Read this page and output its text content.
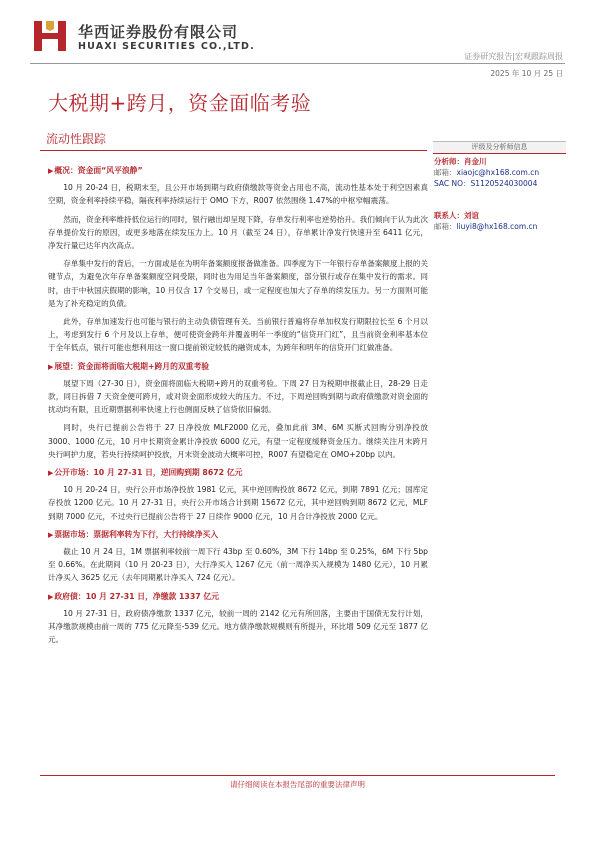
华西证券股份有限公司
HUAXI SECURITIES CO.,LTD.
证券研究报告|宏观跟踪周报
2025 年 10 月 25 日
大税期+跨月，资金面临考验
流动性跟踪
评级及分析师信息
分析师：肖金川
邮箱：xiaojc@hx168.com.cn
SAC NO：S1120524030004
联系人：刘谊
邮箱：liuyi8@hx168.com.cn
▶概况：资金面“风平浪静”

10 月 20-24 日，税期末至，且公开市场到期与政府债缴款等资金占用也不高，流动性基本处于利空因素真空期，资金利率持续平稳，隔夜利率持续运行于 OMO 下方，R007 依然围绕 1.47%的中枢窄幅震荡。

然而，资金利率维持低位运行的同时，银行融出却呈现下降，存单发行利率也逆势抬升。我们倾向于认为此次存单提价发行的原因，或更多地落在续发压力上。10 月（截至 24 日），存单累计净发行快速升至 6411 亿元，净发行量已达年内次高点。

存单集中发行的背后，一方面或是在为明年备案额度报备做准备。四季度为下一年银行存单备案额度上报的关键节点，为避免次年存单备案额度空间受限，同时也为用足当年备案额度，部分银行或存在集中发行的需求。同时，由于中秋国庆假期的影响，10 月仅含 17 个交易日，或一定程度也加大了存单的续发压力。另一方面则可能是为了补充稳定的负债。

此外，存单加速发行也可能与银行的主动负债管理有关。当前银行普遍将存单加权发行期限拉长至 6 个月以上，考虑到发行 6 个月及以上存单，便可使资金跨年并覆盖明年一季度的“信贷开门红”，且当前资金利率基本位于全年低点，银行可能也想利用这一窗口提前锁定较低的融资成本，为跨年和明年的信贷开门红做准备。

▶展望：资金面将面临大税期+跨月的双重考验

展望下周（27-30 日），资金面将面临大税期+跨月的双重考验。下周 27 日为税期申报截止日，28-29 日走款，同日拆借 7 天资金便可跨月，或对资金面形成较大的压力。不过，下周逆回购到期与政府债缴款对资金面的扰动均有限，且近期票据利率快速上行也侧面反映了信贷依旧偏弱。

同时，央行已提前公告将于 27 日净投放 MLF2000 亿元，叠加此前 3M、6M 买断式回购分别净投放 3000、1000 亿元，10 月中长期资金累计净投放 6000 亿元，有望一定程度缓释资金压力。继续关注月末跨月央行呵护力度，若央行持续呵护投放，月末资金波动大概率可控，R007 有望稳定在 OMO+20bp 以内。

▶公开市场：10 月 27-31 日，逆回购到期 8672 亿元

10 月 20-24 日，央行公开市场净投放 1981 亿元，其中逆回购投放 8672 亿元，到期 7891 亿元；国库定存投放 1200 亿元。10 月 27-31 日，央行公开市场合计到期 15672 亿元，其中逆回购到期 8672 亿元，MLF 到期 7000 亿元，不过央行已提前公告将于 27 日续作 9000 亿元，10 月合计净投放 2000 亿元。

▶票据市场：票据利率转为下行，大行持续净买入

截止 10 月 24 日，1M 票据利率较前一周下行 43bp 至 0.60%，3M 下行 14bp 至 0.25%，6M 下行 5bp 至 0.66%。在此期间（10 月 20-23 日），大行净买入 1267 亿元（前一周净买入规模为 1480 亿元），10 月累计净买入 3625 亿元（去年同期累计净买入 724 亿元）。

▶政府债：10 月 27-31 日，净缴款 1337 亿元

10 月 27-31 日，政府债净缴款 1337 亿元，较前一周的 2142 亿元有所回落，主要由于国债无发行计划，其净缴款规模由前一周的 775 亿元降至-539 亿元。地方债净缴款规模则有所提升，环比增 509 亿元至 1877 亿元。

请仔细阅读在本报告尾部的重要法律声明
